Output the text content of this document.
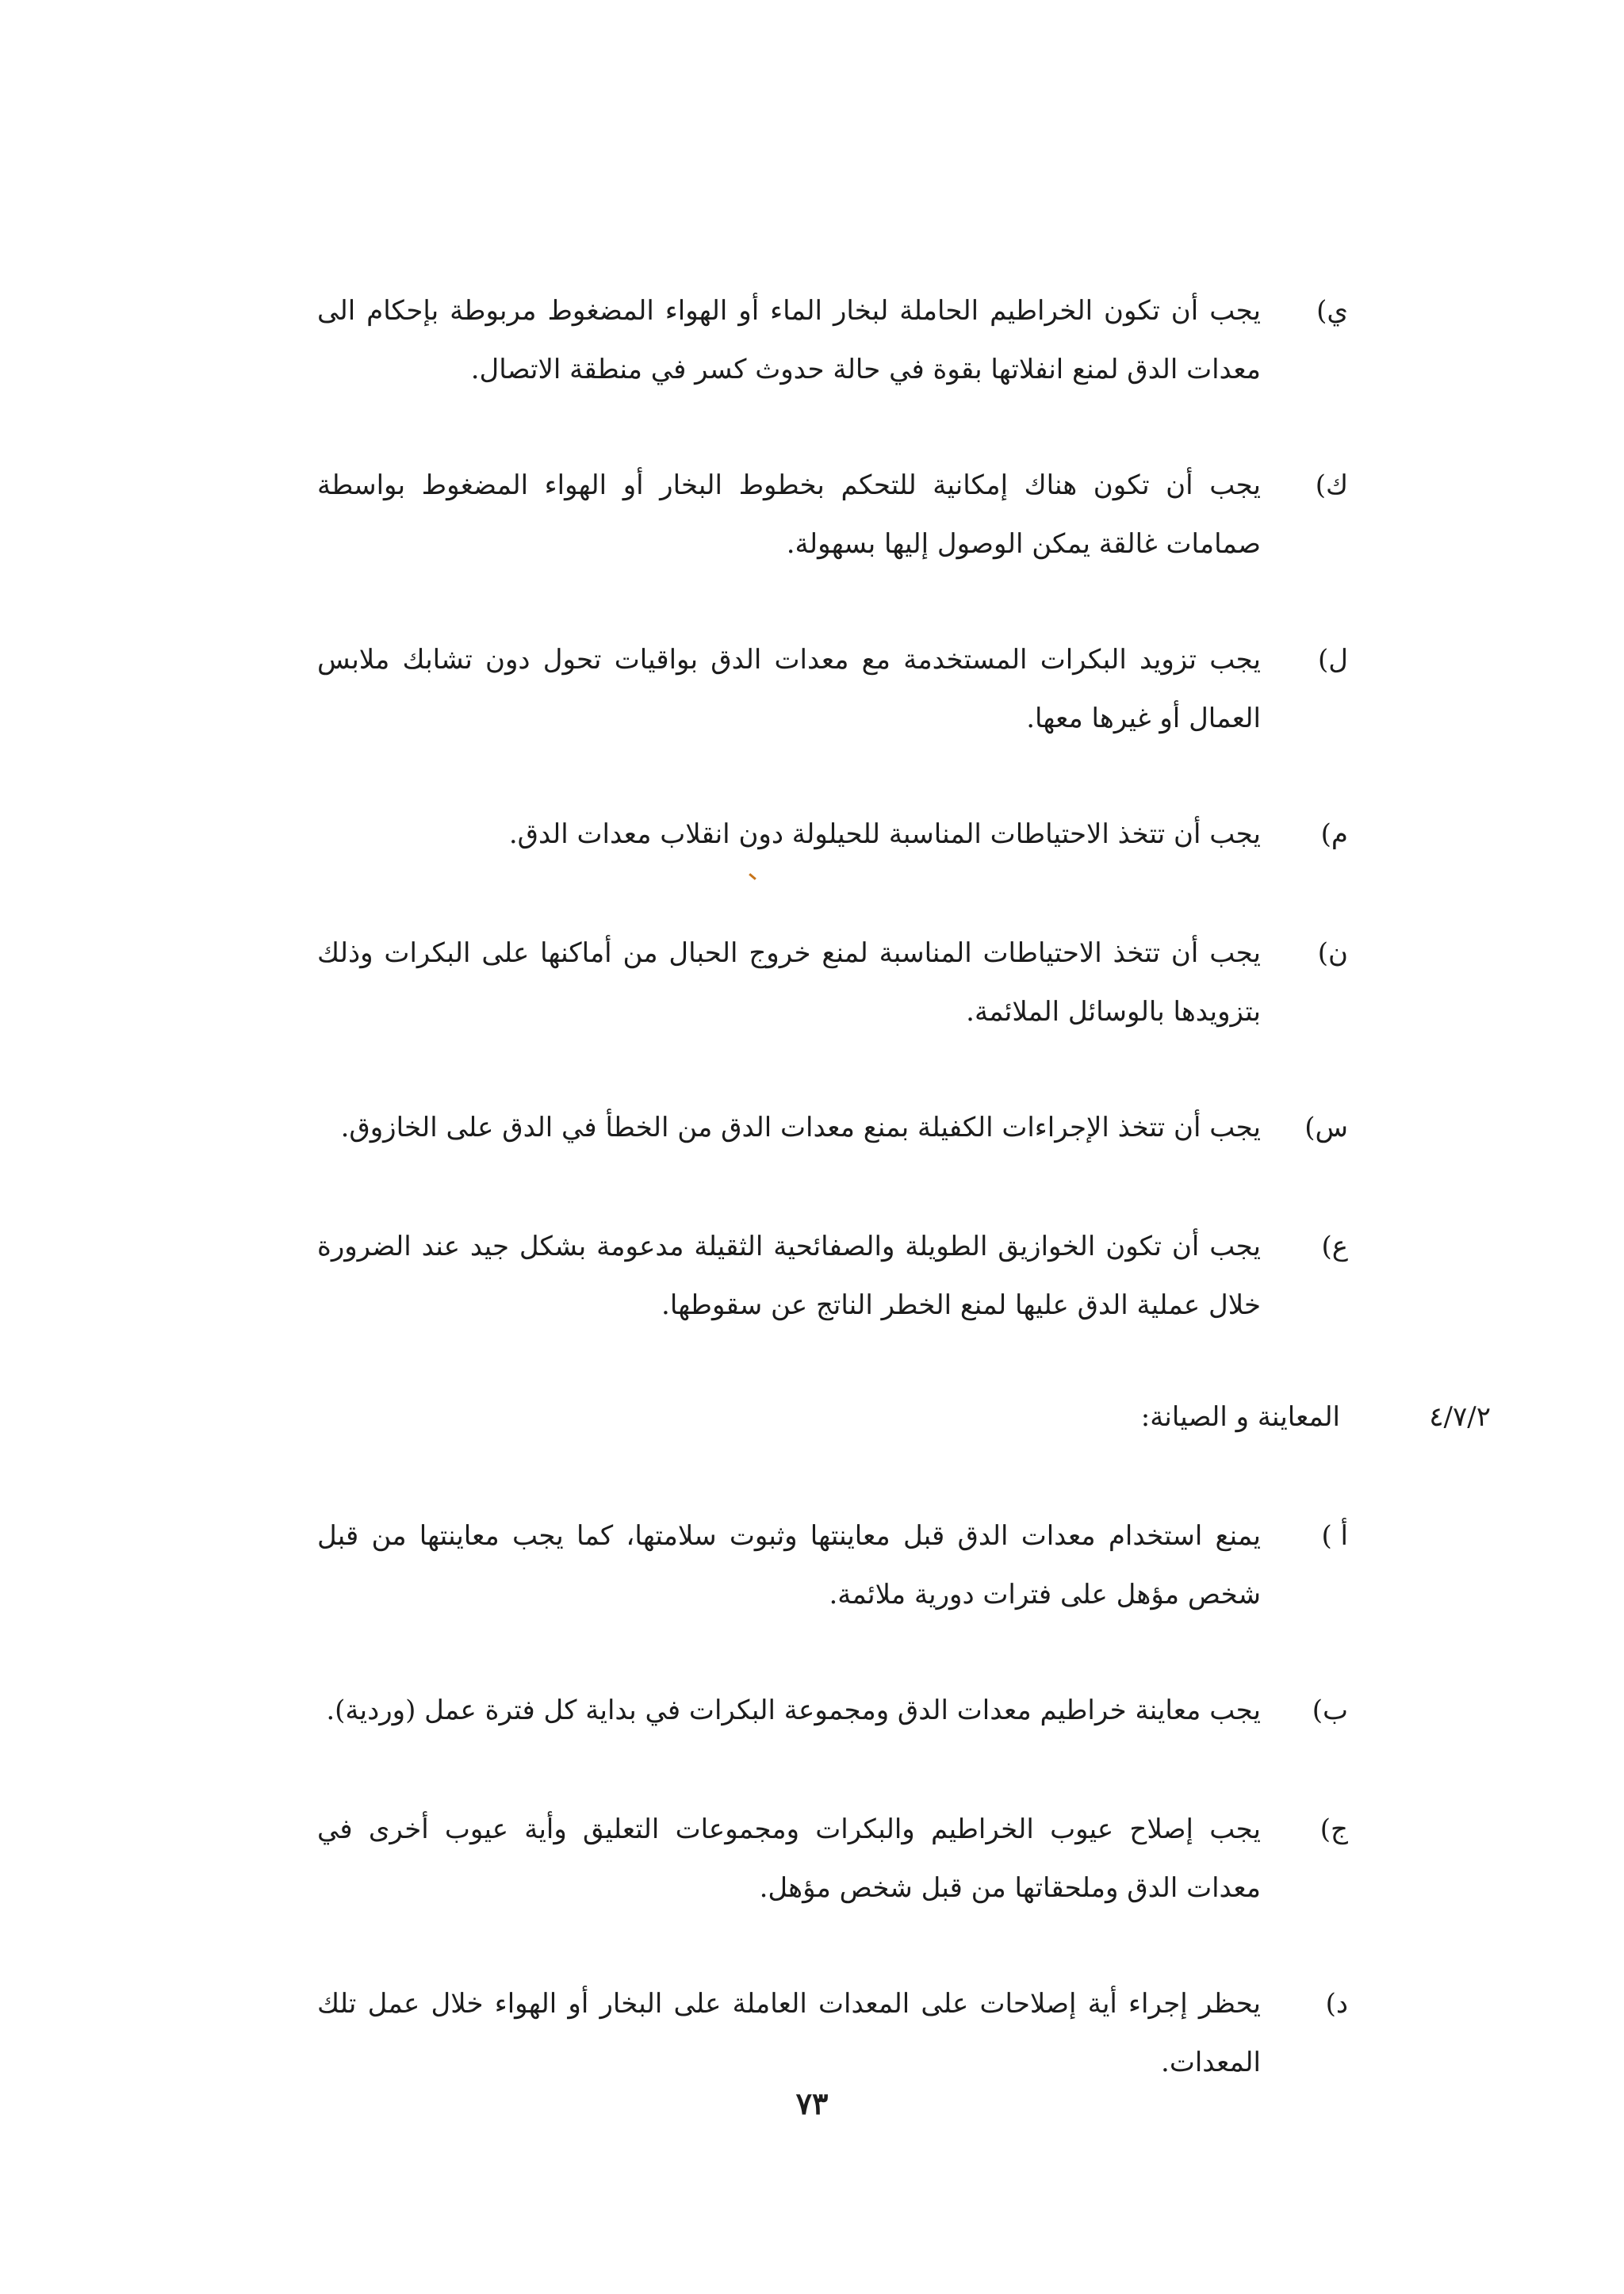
ي)
يجب أن تكون الخراطيم الحاملة لبخار الماء أو الهواء المضغوط مربوطة بإحكام الى معدات الدق لمنع انفلاتها بقوة في حالة حدوث كسر في منطقة الاتصال.
ك)
يجب أن تكون هناك إمكانية للتحكم بخطوط البخار أو الهواء المضغوط بواسطة صمامات غالقة يمكن الوصول إليها بسهولة.
ل)
يجب تزويد البكرات المستخدمة مع معدات الدق بواقيات تحول دون تشابك ملابس العمال أو غيرها معها.
م)
يجب أن تتخذ الاحتياطات المناسبة للحيلولة دون انقلاب معدات الدق.
ن)
يجب أن تتخذ الاحتياطات المناسبة لمنع خروج الحبال من أماكنها على البكرات وذلك بتزويدها بالوسائل الملائمة.
س)
يجب أن تتخذ الإجراءات الكفيلة بمنع معدات الدق من الخطأ في الدق على الخازوق.
ع)
يجب أن تكون الخوازيق الطويلة والصفائحية الثقيلة مدعومة بشكل جيد عند الضرورة خلال عملية الدق عليها لمنع الخطر الناتج عن سقوطها.
٤/٧/٢
المعاينة و الصيانة:
أ )
يمنع استخدام معدات الدق قبل معاينتها وثبوت سلامتها، كما يجب معاينتها من قبل شخص مؤهل على فترات دورية ملائمة.
ب)
يجب معاينة خراطيم معدات الدق ومجموعة البكرات في بداية كل فترة عمل (وردية).
ج)
يجب إصلاح عيوب الخراطيم والبكرات ومجموعات التعليق وأية عيوب أخرى في معدات الدق وملحقاتها من قبل شخص مؤهل.
د)
يحظر إجراء أية إصلاحات على المعدات العاملة على البخار أو الهواء خلال عمل تلك المعدات.
٧٣
